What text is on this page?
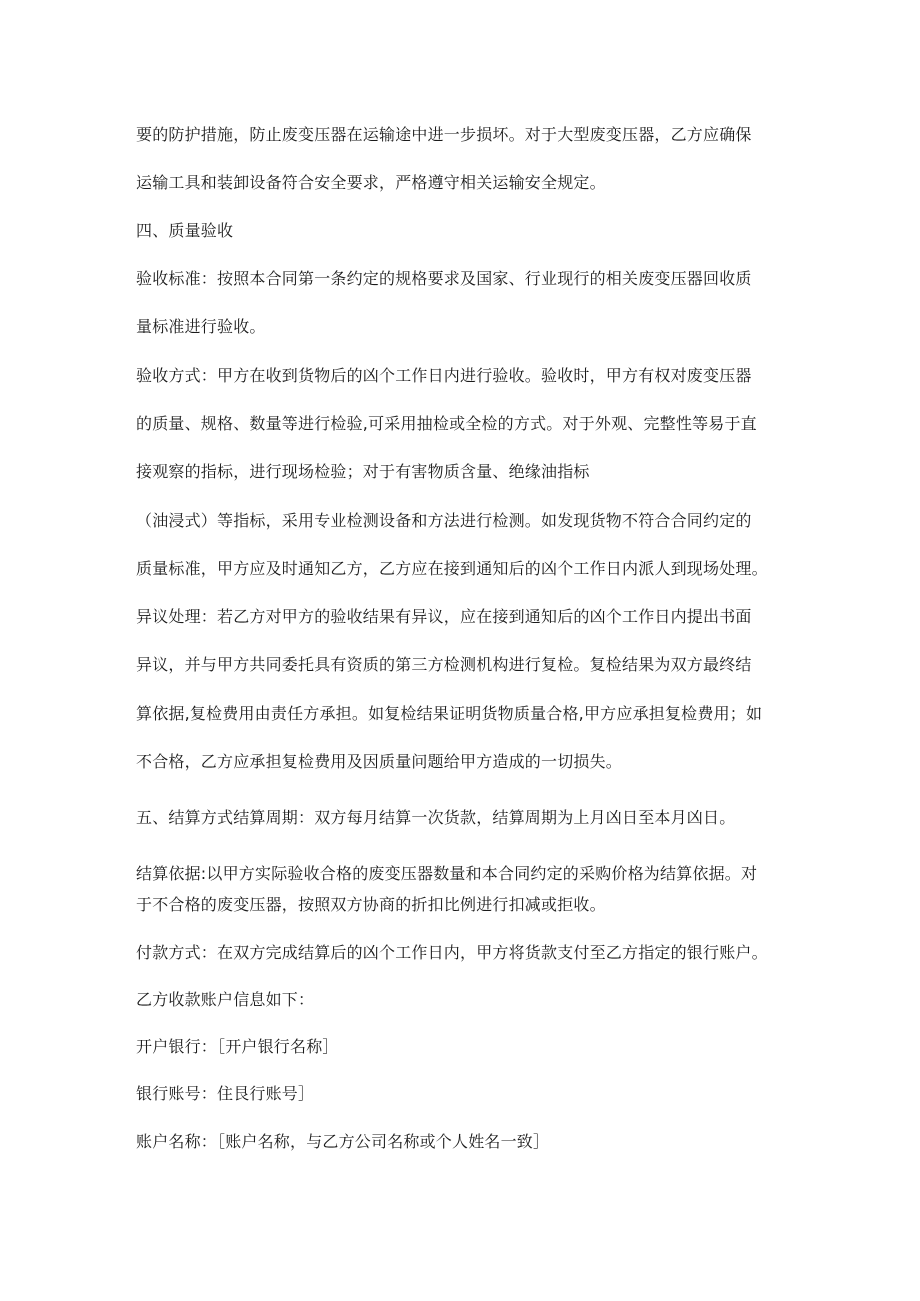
要的防护措施，防止废变压器在运输途中进一步损坏。对于大型废变压器，乙方应确保

运输工具和装卸设备符合安全要求，严格遵守相关运输安全规定。

四、质量验收

验收标准：按照本合同第一条约定的规格要求及国家、行业现行的相关废变压器回收质

量标准进行验收。

验收方式：甲方在收到货物后的凶个工作日内进行验收。验收时，甲方有权对废变压器

的质量、规格、数量等进行检验,可采用抽检或全检的方式。对于外观、完整性等易于直

接观察的指标，进行现场检验；对于有害物质含量、绝缘油指标

（油浸式）等指标，采用专业检测设备和方法进行检测。如发现货物不符合合同约定的

质量标准，甲方应及时通知乙方，乙方应在接到通知后的凶个工作日内派人到现场处理。

异议处理：若乙方对甲方的验收结果有异议，应在接到通知后的凶个工作日内提出书面

异议，并与甲方共同委托具有资质的第三方检测机构进行复检。复检结果为双方最终结

算依据,复检费用由责任方承担。如复检结果证明货物质量合格,甲方应承担复检费用；如

不合格，乙方应承担复检费用及因质量问题给甲方造成的一切损失。

五、结算方式结算周期：双方每月结算一次货款，结算周期为上月凶日至本月凶日。

结算依据:以甲方实际验收合格的废变压器数量和本合同约定的采购价格为结算依据。对

于不合格的废变压器，按照双方协商的折扣比例进行扣减或拒收。

付款方式：在双方完成结算后的凶个工作日内，甲方将货款支付至乙方指定的银行账户。

乙方收款账户信息如下：

开户银行：［开户银行名称］

银行账号：住艮行账号］

账户名称：［账户名称，与乙方公司名称或个人姓名一致］
